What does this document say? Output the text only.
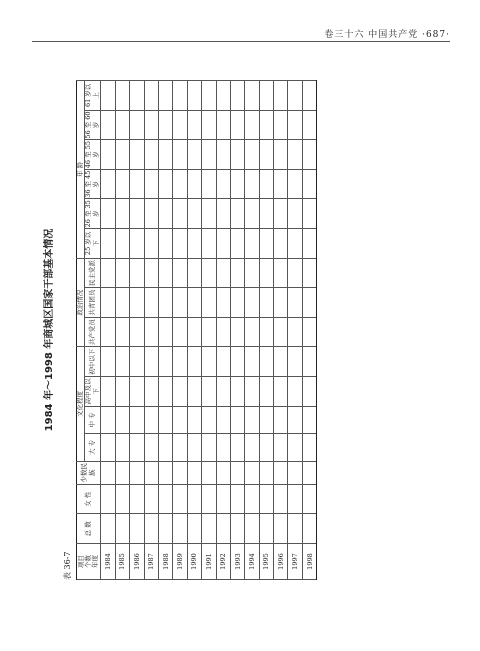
卷三十六 中国共产党 ·687·
1984 年～1998 年商城区国家干部基本情况
表 36-7 项目 个数 年度	总 数	女 性	少数民族	文化程度				政治情况			年 龄					
				大 专	中 专	高中及以下	初中以下	共产党员	共青团员	民主党派	25 岁以下	26 至 35 岁	36 至 45 岁	46 至 55 岁	56 至 60 岁	61 岁以上
1984																
1985																
1986																
1987																
1988																
1989																
1990																
1991																
1992																
1993																
1994																
1995																
1996																
1997																
1998																
